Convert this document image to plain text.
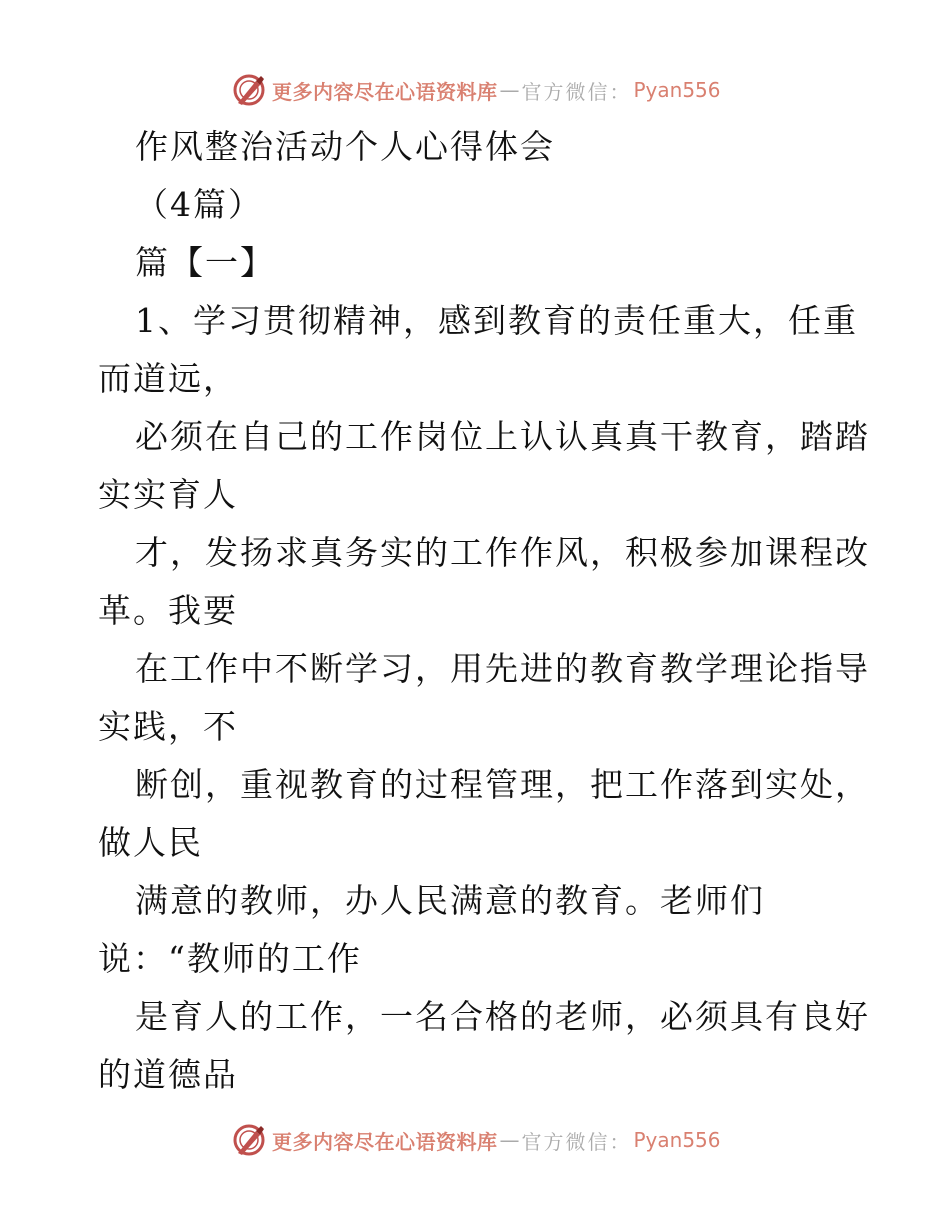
更多内容尽在心语资料库 — 官方微信： Pyan556
作风整治活动个人心得体会
（4篇）
篇【一】
1、学习贯彻精神，感到教育的责任重大，任重
而道远，
必须在自己的工作岗位上认认真真干教育，踏踏
实实育人
才，发扬求真务实的工作作风，积极参加课程改
革。我要
在工作中不断学习，用先进的教育教学理论指导
实践，不
断创，重视教育的过程管理，把工作落到实处，
做人民
满意的教师，办人民满意的教育。老师们
说：“教师的工作
是育人的工作，一名合格的老师，必须具有良好
的道德品
更多内容尽在心语资料库 — 官方微信： Pyan556
